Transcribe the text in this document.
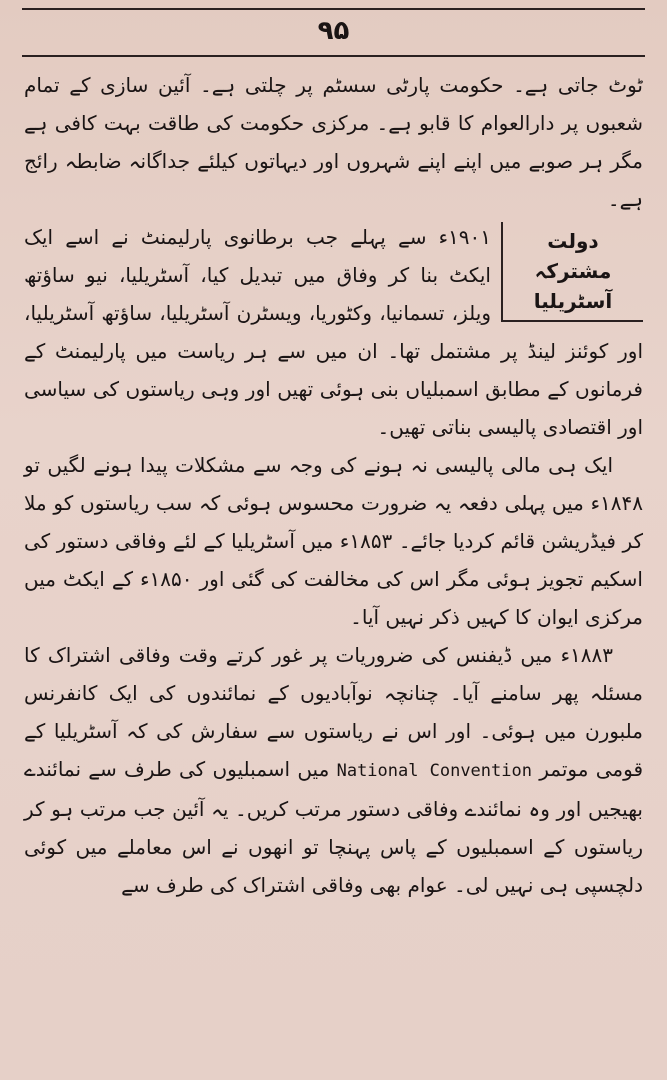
۹۵

ٹوٹ جاتی ہے۔ حکومت پارٹی سسٹم پر چلتی ہے۔ آئین سازی کے تمام شعبوں پر دارالعوام کا قابو ہے۔ مرکزی حکومت کی طاقت بہت کافی ہے مگر ہر صوبے میں اپنے اپنے شہروں اور دیہاتوں کیلئے جداگانہ ضابطہ رائج ہے۔

دولت مشترکہ آسٹریلیا

۱۹۰۱ء سے پہلے جب برطانوی پارلیمنٹ نے اسے ایک ایکٹ بنا کر وفاق میں تبدیل کیا، آسٹریلیا، نیو ساؤتھ ویلز، تسمانیا، وکٹوریا، ویسٹرن آسٹریلیا، ساؤتھ آسٹریلیا، اور کوئنز لینڈ پر مشتمل تھا۔ ان میں سے ہر ریاست میں پارلیمنٹ کے فرمانوں کے مطابق اسمبلیاں بنی ہوئی تھیں اور وہی ریاستوں کی سیاسی اور اقتصادی پالیسی بناتی تھیں۔

ایک ہی مالی پالیسی نہ ہونے کی وجہ سے مشکلات پیدا ہونے لگیں تو ۱۸۴۸ء میں پہلی دفعہ یہ ضرورت محسوس ہوئی کہ سب ریاستوں کو ملا کر فیڈریشن قائم کردیا جائے۔ ۱۸۵۳ء میں آسٹریلیا کے لئے وفاقی دستور کی اسکیم تجویز ہوئی مگر اس کی مخالفت کی گئی اور ۱۸۵۰ء کے ایکٹ میں مرکزی ایوان کا کہیں ذکر نہیں آیا۔

۱۸۸۳ء میں ڈیفنس کی ضروریات پر غور کرتے وقت وفاقی اشتراک کا مسئلہ پھر سامنے آیا۔ چنانچہ نوآبادیوں کے نمائندوں کی ایک کانفرنس ملبورن میں ہوئی۔ اور اس نے ریاستوں سے سفارش کی کہ آسٹریلیا کے قومی موتمر National Convention میں اسمبلیوں کی طرف سے نمائندے بھیجیں اور وہ نمائندے وفاقی دستور مرتب کریں۔ یہ آئین جب مرتب ہو کر ریاستوں کے اسمبلیوں کے پاس پہنچا تو انھوں نے اس معاملے میں کوئی دلچسپی ہی نہیں لی۔ عوام بھی وفاقی اشتراک کی طرف سے
